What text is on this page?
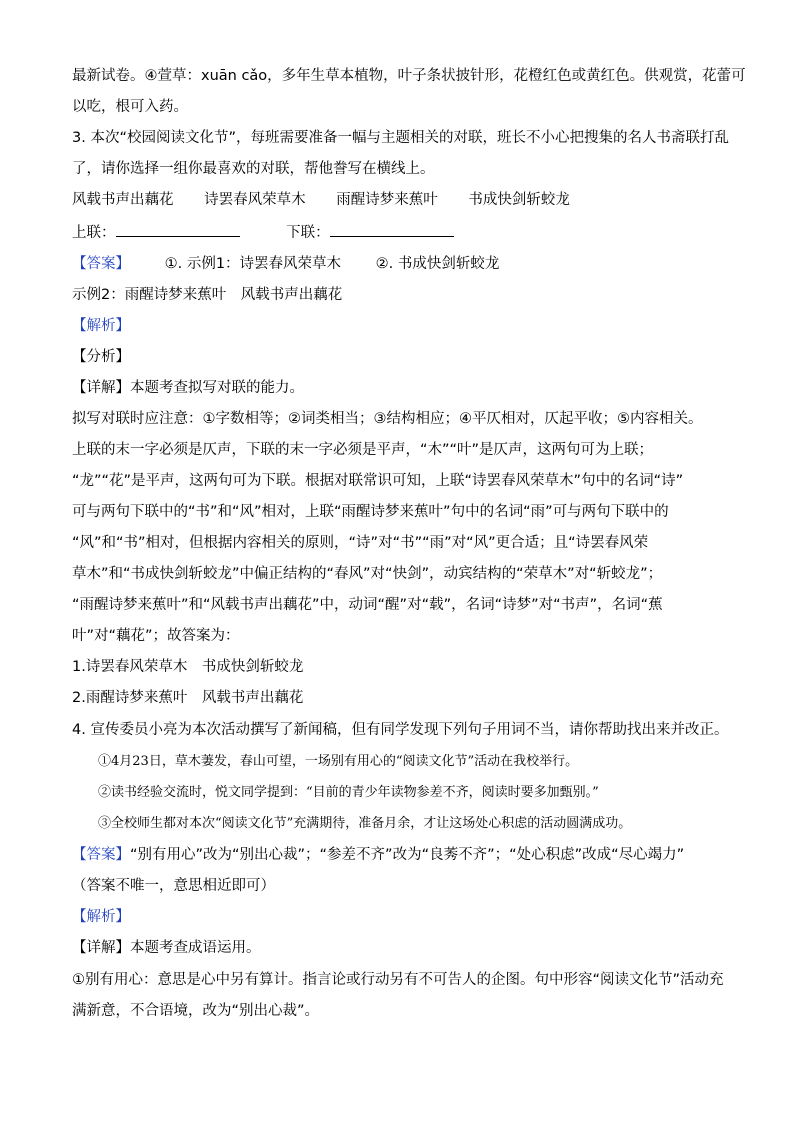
最新试卷。④萱草：xuān cǎo，多年生草本植物，叶子条状披针形，花橙红色或黄红色。供观赏，花蕾可
以吃，根可入药。
3. 本次“校园阅读文化节”，每班需要准备一幅与主题相关的对联，班长不小心把搜集的名人书斋联打乱
了，请你选择一组你最喜欢的对联，帮他誊写在横线上。
风载书声出藕花 诗罢春风荣草木 雨醒诗梦来蕉叶 书成快剑斩蛟龙
上联：	下联：
【答案】 ①. 示例1：诗罢春风荣草木 ②. 书成快剑斩蛟龙
示例2：雨醒诗梦来蕉叶　风载书声出藕花
【解析】
【分析】
【详解】本题考查拟写对联的能力。
拟写对联时应注意：①字数相等；②词类相当；③结构相应；④平仄相对，仄起平收；⑤内容相关。
上联的末一字必须是仄声，下联的末一字必须是平声，“木”“叶”是仄声，这两句可为上联；
“龙”“花”是平声，这两句可为下联。根据对联常识可知，上联“诗罢春风荣草木”句中的名词“诗”
可与两句下联中的“书”和“风”相对，上联“雨醒诗梦来蕉叶”句中的名词“雨”可与两句下联中的
“风”和“书”相对，但根据内容相关的原则，“诗”对“书”“雨”对“风”更合适；且“诗罢春风荣
草木”和“书成快剑斩蛟龙”中偏正结构的“春风”对“快剑”，动宾结构的“荣草木”对“斩蛟龙”；
“雨醒诗梦来蕉叶”和“风载书声出藕花”中，动词“醒”对“载”，名词“诗梦”对“书声”，名词“蕉
叶”对“藕花”；故答案为：
1.诗罢春风荣草木　书成快剑斩蛟龙
2.雨醒诗梦来蕉叶　风载书声出藕花
4. 宣传委员小亮为本次活动撰写了新闻稿，但有同学发现下列句子用词不当，请你帮助找出来并改正。
①4月23日，草木萋发，春山可望，一场别有用心的“阅读文化节”活动在我校举行。
②读书经验交流时，悦文同学提到：“目前的青少年读物参差不齐，阅读时要多加甄别。”
③全校师生都对本次“阅读文化节”充满期待，准备月余，才让这场处心积虑的活动圆满成功。
【答案】“别有用心”改为“别出心裁”；“参差不齐”改为“良莠不齐”；“处心积虑”改成“尽心竭力”
（答案不唯一，意思相近即可）
【解析】
【详解】本题考查成语运用。
①别有用心：意思是心中另有算计。指言论或行动另有不可告人的企图。句中形容“阅读文化节”活动充
满新意，不合语境，改为“别出心裁”。
